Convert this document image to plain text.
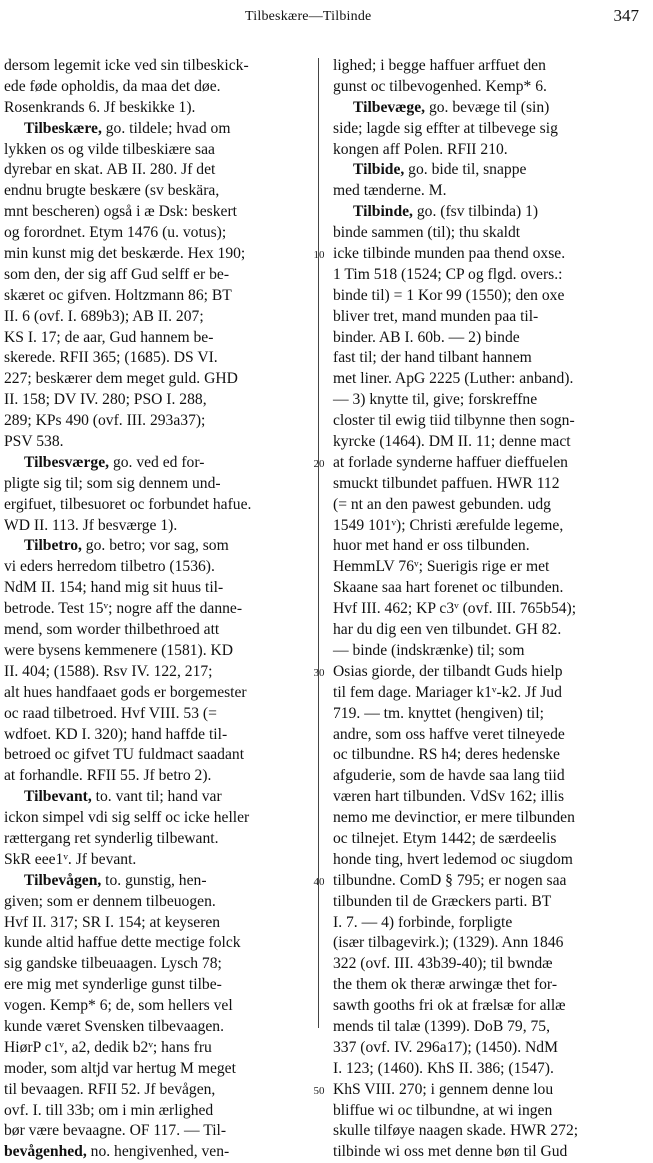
Tilbeskære—Tilbinde	347
dersom legemit icke ved sin tilbeskick-
ede føde opholdis, da maa det døe.
Rosenkrands 6. Jf beskikke 1).
Tilbeskære, go. tildele; hvad om
lykken os og vilde tilbeskiære saa
dyrebar en skat. AB II. 280. Jf det
endnu brugte beskære (sv beskära,
mnt bescheren) også i æ Dsk: beskert
og forordnet. Etym 1476 (u. votus);
min kunst mig det beskærde. Hex 190;
som den, der sig aff Gud selff er be-
skæret oc gifven. Holtzmann 86; BT
II. 6 (ovf. I. 689b3); AB II. 207;
KS I. 17; de aar, Gud hannem be-
skerede. RFII 365; (1685). DS VI.
227; beskærer dem meget guld. GHD
II. 158; DV IV. 280; PSO I. 288,
289; KPs 490 (ovf. III. 293a37);
PSV 538.
Tilbesværge, go. ved ed for-
pligte sig til; som sig dennem und-
ergifuet, tilbesuoret oc forbundet hafue.
WD II. 113. Jf besværge 1).
Tilbetro, go. betro; vor sag, som
vi eders herredom tilbetro (1536).
NdM II. 154; hand mig sit huus til-
betrode. Test 15ᵛ; nogre aff the danne-
mend, som worder thilbethroed att
were bysens kemmenere (1581). KD
II. 404; (1588). Rsv IV. 122, 217;
alt hues handfaaet gods er borgemester
oc raad tilbetroed. Hvf VIII. 53 (=
wdfoet. KD I. 320); hand haffde til-
betroed oc gifvet TU fuldmact saadant
at forhandle. RFII 55. Jf betro 2).
Tilbevant, to. vant til; hand var
ickon simpel vdi sig selff oc icke heller
rættergang ret synderlig tilbewant.
SkR eee1ᵛ. Jf bevant.
Tilbevågen, to. gunstig, hen-
given; som er dennem tilbeuogen.
Hvf II. 317; SR I. 154; at keyseren
kunde altid haffue dette mectige folck
sig gandske tilbeuaagen. Lysch 78;
ere mig met synderlige gunst tilbe-
vogen. Kemp* 6; de, som hellers vel
kunde været Svensken tilbevaagen.
HiørP c1ᵛ, a2, dedik b2ᵛ; hans fru
moder, som altjd var hertug M meget
til bevaagen. RFII 52. Jf bevågen,
ovf. I. till 33b; om i min ærlighed
bør være bevaagne. OF 117. — Til-
bevågenhed, no. hengivenhed, ven-
lighed; i begge haffuer arffuet den
gunst oc tilbevogenhed. Kemp* 6.
Tilbevæge, go. bevæge til (sin)
side; lagde sig effter at tilbevege sig
kongen aff Polen. RFII 210.
Tilbide, go. bide til, snappe
med tænderne. M.
Tilbinde, go. (fsv tilbinda) 1)
binde sammen (til); thu skaldt
icke tilbinde munden paa thend oxse.
1 Tim 518 (1524; CP og flgd. overs.:
binde til) = 1 Kor 99 (1550); den oxe
bliver tret, mand munden paa til-
binder. AB I. 60b. — 2) binde
fast til; der hand tilbant hannem
met liner. ApG 2225 (Luther: anband).
— 3) knytte til, give; forskreffne
closter til ewig tiid tilbynne then sogn-
kyrcke (1464). DM II. 11; denne mact
at forlade synderne haffuer dieffuelen
smuckt tilbundet paffuen. HWR 112
(= nt an den pawest gebunden. udg
1549 101ᵛ); Christi ærefulde legeme,
huor met hand er oss tilbunden.
HemmLV 76ᵛ; Suerigis rige er met
Skaane saa hart forenet oc tilbunden.
Hvf III. 462; KP c3ᵛ (ovf. III. 765b54);
har du dig een ven tilbundet. GH 82.
— binde (indskrænke) til; som
Osias giorde, der tilbandt Guds hielp
til fem dage. Mariager k1ᵛ-k2. Jf Jud
719. — tm. knyttet (hengiven) til;
andre, som oss haffve veret tilneyede
oc tilbundne. RS h4; deres hedenske
afguderie, som de havde saa lang tiid
væren hart tilbunden. VdSv 162; illis
nemo me devinctior, er mere tilbunden
oc tilnejet. Etym 1442; de særdeelis
honde ting, hvert ledemod oc siugdom
tilbundne. ComD § 795; er nogen saa
tilbunden til de Græckers parti. BT
I. 7. — 4) forbinde, forpligte
(især tilbagevirk.); (1329). Ann 1846
322 (ovf. III. 43b39-40); til bwndæ
the them ok theræ arwingæ thet for-
sawth gooths fri ok at frælsæ for allæ
mends til talæ (1399). DoB 79, 75,
337 (ovf. IV. 296a17); (1450). NdM
I. 123; (1460). KhS II. 386; (1547).
KhS VIII. 270; i gennem denne lou
bliffue wi oc tilbundne, at wi ingen
skulle tilføye naagen skade. HWR 272;
tilbinde wi oss met denne bøn til Gud
10
20
30
40
50
